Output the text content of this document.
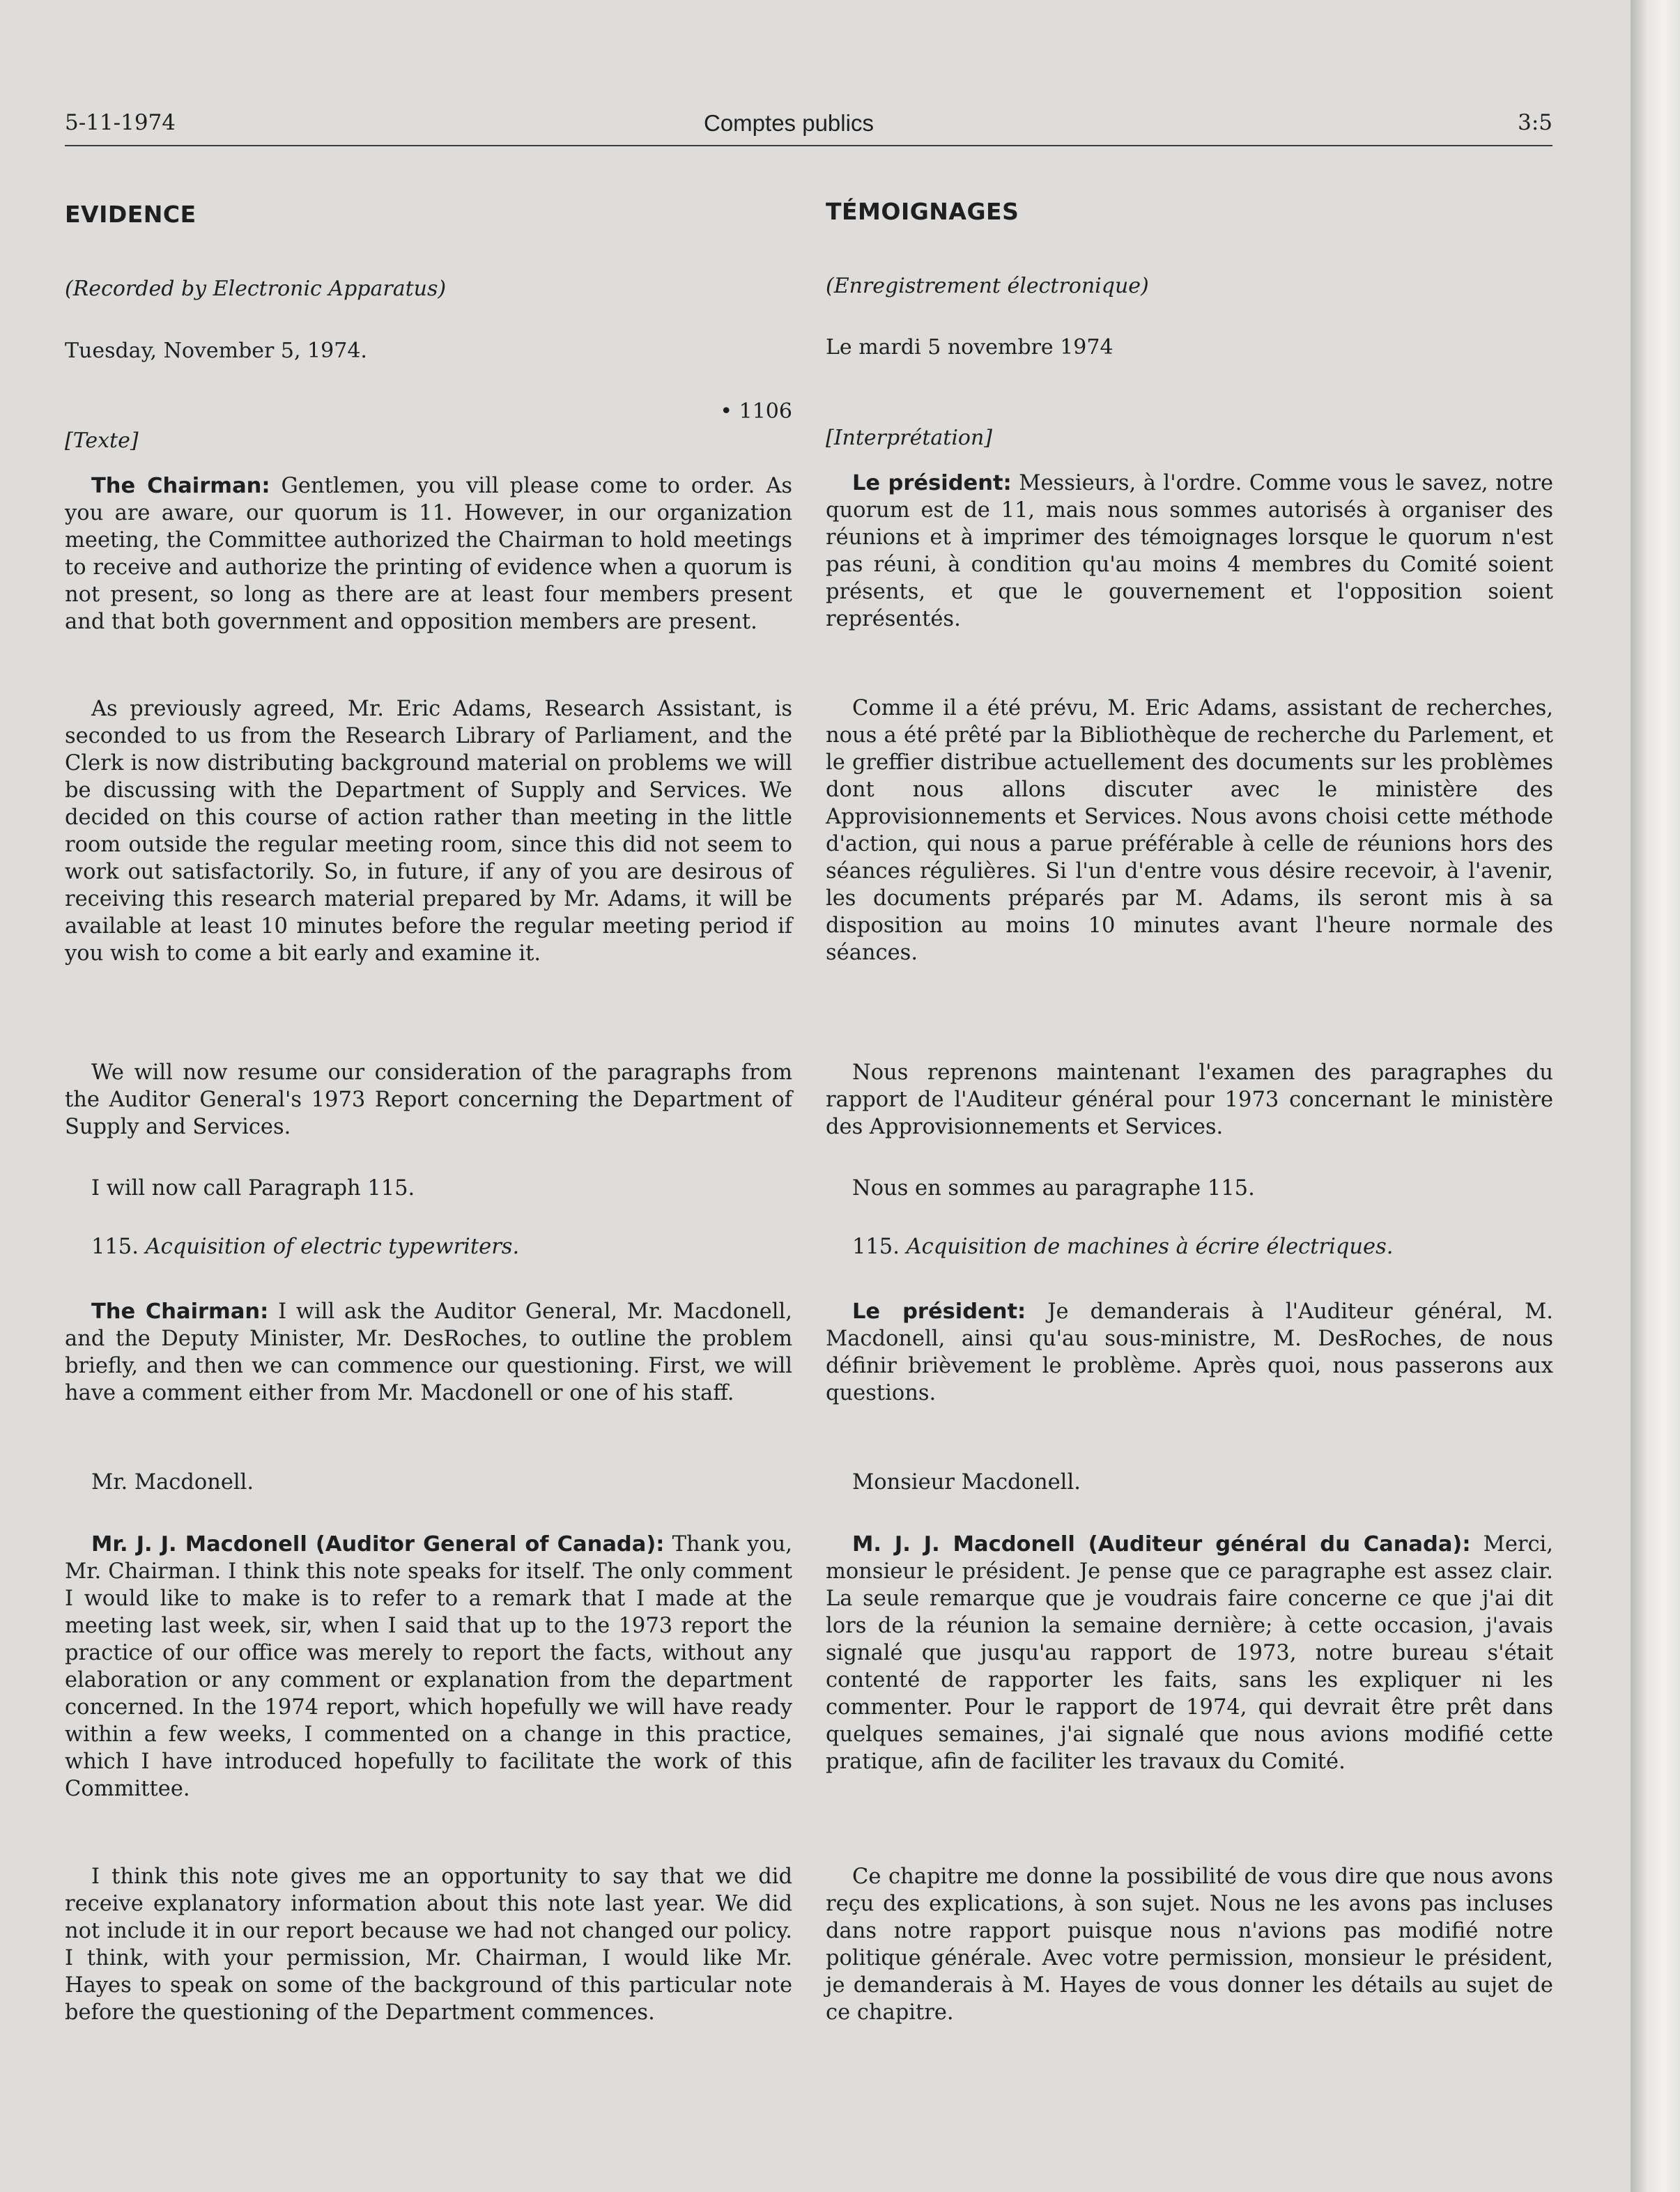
5-11-1974	Comptes publics	3:5
EVIDENCE
(Recorded by Electronic Apparatus)
Tuesday, November 5, 1974.
• 1106
[Texte]
The Chairman: Gentlemen, you vill please come to order. As you are aware, our quorum is 11. However, in our organization meeting, the Committee authorized the Chairman to hold meetings to receive and authorize the printing of evidence when a quorum is not present, so long as there are at least four members present and that both government and opposition members are present.
As previously agreed, Mr. Eric Adams, Research Assistant, is seconded to us from the Research Library of Parliament, and the Clerk is now distributing background material on problems we will be discussing with the Department of Supply and Services. We decided on this course of action rather than meeting in the little room outside the regular meeting room, since this did not seem to work out satisfactorily. So, in future, if any of you are desirous of receiving this research material prepared by Mr. Adams, it will be available at least 10 minutes before the regular meeting period if you wish to come a bit early and examine it.
We will now resume our consideration of the paragraphs from the Auditor General's 1973 Report concerning the Department of Supply and Services.
I will now call Paragraph 115.
115. Acquisition of electric typewriters.
The Chairman: I will ask the Auditor General, Mr. Macdonell, and the Deputy Minister, Mr. DesRoches, to outline the problem briefly, and then we can commence our questioning. First, we will have a comment either from Mr. Macdonell or one of his staff.
Mr. Macdonell.
Mr. J. J. Macdonell (Auditor General of Canada): Thank you, Mr. Chairman. I think this note speaks for itself. The only comment I would like to make is to refer to a remark that I made at the meeting last week, sir, when I said that up to the 1973 report the practice of our office was merely to report the facts, without any elaboration or any comment or explanation from the department concerned. In the 1974 report, which hopefully we will have ready within a few weeks, I commented on a change in this practice, which I have introduced hopefully to facilitate the work of this Committee.
I think this note gives me an opportunity to say that we did receive explanatory information about this note last year. We did not include it in our report because we had not changed our policy. I think, with your permission, Mr. Chairman, I would like Mr. Hayes to speak on some of the background of this particular note before the questioning of the Department commences.
TÉMOIGNAGES
(Enregistrement électronique)
Le mardi 5 novembre 1974
[Interprétation]
Le président: Messieurs, à l'ordre. Comme vous le savez, notre quorum est de 11, mais nous sommes autorisés à organiser des réunions et à imprimer des témoignages lorsque le quorum n'est pas réuni, à condition qu'au moins 4 membres du Comité soient présents, et que le gouvernement et l'opposition soient représentés.
Comme il a été prévu, M. Eric Adams, assistant de recherches, nous a été prêté par la Bibliothèque de recherche du Parlement, et le greffier distribue actuellement des documents sur les problèmes dont nous allons discuter avec le ministère des Approvisionnements et Services. Nous avons choisi cette méthode d'action, qui nous a parue préférable à celle de réunions hors des séances régulières. Si l'un d'entre vous désire recevoir, à l'avenir, les documents préparés par M. Adams, ils seront mis à sa disposition au moins 10 minutes avant l'heure normale des séances.
Nous reprenons maintenant l'examen des paragraphes du rapport de l'Auditeur général pour 1973 concernant le ministère des Approvisionnements et Services.
Nous en sommes au paragraphe 115.
115. Acquisition de machines à écrire électriques.
Le président: Je demanderais à l'Auditeur général, M. Macdonell, ainsi qu'au sous-ministre, M. DesRoches, de nous définir brièvement le problème. Après quoi, nous passerons aux questions.
Monsieur Macdonell.
M. J. J. Macdonell (Auditeur général du Canada): Merci, monsieur le président. Je pense que ce paragraphe est assez clair. La seule remarque que je voudrais faire concerne ce que j'ai dit lors de la réunion la semaine dernière; à cette occasion, j'avais signalé que jusqu'au rapport de 1973, notre bureau s'était contenté de rapporter les faits, sans les expliquer ni les commenter. Pour le rapport de 1974, qui devrait être prêt dans quelques semaines, j'ai signalé que nous avions modifié cette pratique, afin de faciliter les travaux du Comité.
Ce chapitre me donne la possibilité de vous dire que nous avons reçu des explications, à son sujet. Nous ne les avons pas incluses dans notre rapport puisque nous n'avions pas modifié notre politique générale. Avec votre permission, monsieur le président, je demanderais à M. Hayes de vous donner les détails au sujet de ce chapitre.
